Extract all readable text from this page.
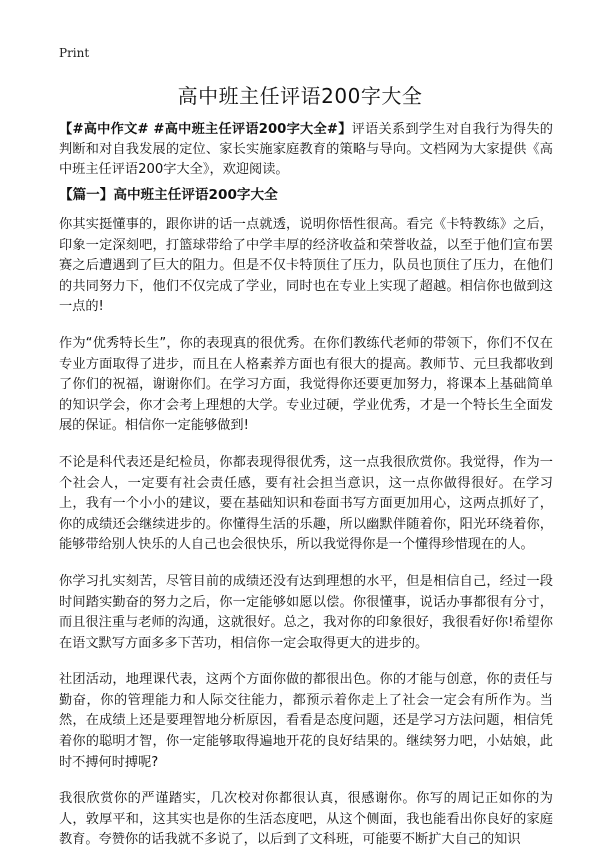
Print
高中班主任评语200字大全
【#高中作文# #高中班主任评语200字大全#】评语关系到学生对自我行为得失的判断和对自我发展的定位、家长实施家庭教育的策略与导向。文档网为大家提供《高中班主任评语200字大全》，欢迎阅读。
【篇一】高中班主任评语200字大全

你其实挺懂事的，跟你讲的话一点就透，说明你悟性很高。看完《卡特教练》之后，印象一定深刻吧，打篮球带给了中学丰厚的经济收益和荣誉收益，以至于他们宣布罢赛之后遭遇到了巨大的阻力。但是不仅卡特顶住了压力，队员也顶住了压力，在他们的共同努力下，他们不仅完成了学业，同时也在专业上实现了超越。相信你也做到这一点的!

作为“优秀特长生”，你的表现真的很优秀。在你们教练代老师的带领下，你们不仅在专业方面取得了进步，而且在人格素养方面也有很大的提高。教师节、元旦我都收到了你们的祝福，谢谢你们。在学习方面，我觉得你还要更加努力，将课本上基础简单的知识学会，你才会考上理想的大学。专业过硬，学业优秀，才是一个特长生全面发展的保证。相信你一定能够做到!

不论是科代表还是纪检员，你都表现得很优秀，这一点我很欣赏你。我觉得，作为一个社会人，一定要有社会责任感，要有社会担当意识，这一点你做得很好。在学习上，我有一个小小的建议，要在基础知识和卷面书写方面更加用心，这两点抓好了，你的成绩还会继续进步的。你懂得生活的乐趣，所以幽默伴随着你，阳光环绕着你，能够带给别人快乐的人自己也会很快乐，所以我觉得你是一个懂得珍惜现在的人。

你学习扎实刻苦，尽管目前的成绩还没有达到理想的水平，但是相信自己，经过一段时间踏实勤奋的努力之后，你一定能够如愿以偿。你很懂事，说话办事都很有分寸，而且很注重与老师的沟通，这就很好。总之，我对你的印象很好，我很看好你!希望你在语文默写方面多多下苦功，相信你一定会取得更大的进步的。

社团活动，地理课代表，这两个方面你做的都很出色。你的才能与创意，你的责任与勤奋，你的管理能力和人际交往能力，都预示着你走上了社会一定会有所作为。当然，在成绩上还是要理智地分析原因，看看是态度问题，还是学习方法问题，相信凭着你的聪明才智，你一定能够取得遍地开花的良好结果的。继续努力吧，小姑娘，此时不搏何时搏呢?

我很欣赏你的严谨踏实，几次校对你都很认真，很感谢你。你写的周记正如你的为人，敦厚平和，这其实也是你的生活态度吧，从这个侧面，我也能看出你良好的家庭教育。夸赞你的话我就不多说了，以后到了文科班，可能要不断扩大自己的知识
